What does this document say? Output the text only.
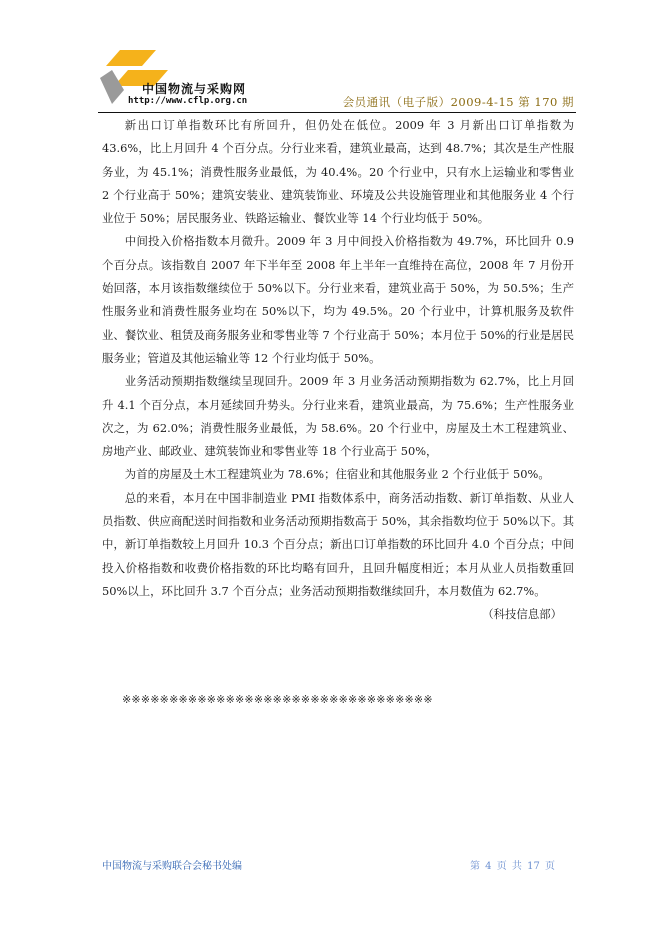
中国物流与采购网
http://www.cflp.org.cn	会员通讯（电子版）2009-4-15 第 170 期

新出口订单指数环比有所回升，但仍处在低位。2009 年 3 月新出口订单指数为 43.6%，比上月回升 4 个百分点。分行业来看，建筑业最高，达到 48.7%；其次是生产性服务业，为 45.1%；消费性服务业最低，为 40.4%。20 个行业中，只有水上运输业和零售业 2 个行业高于 50%；建筑安装业、建筑装饰业、环境及公共设施管理业和其他服务业 4 个行业位于 50%；居民服务业、铁路运输业、餐饮业等 14 个行业均低于 50%。

中间投入价格指数本月微升。2009 年 3 月中间投入价格指数为 49.7%，环比回升 0.9 个百分点。该指数自 2007 年下半年至 2008 年上半年一直维持在高位，2008 年 7 月份开始回落，本月该指数继续位于 50%以下。分行业来看，建筑业高于 50%，为 50.5%；生产性服务业和消费性服务业均在 50%以下，均为 49.5%。20 个行业中，计算机服务及软件业、餐饮业、租赁及商务服务业和零售业等 7 个行业高于 50%；本月位于 50%的行业是居民服务业；管道及其他运输业等 12 个行业均低于 50%。

业务活动预期指数继续呈现回升。2009 年 3 月业务活动预期指数为 62.7%，比上月回升 4.1 个百分点，本月延续回升势头。分行业来看，建筑业最高，为 75.6%；生产性服务业次之，为 62.0%；消费性服务业最低，为 58.6%。20 个行业中，房屋及土木工程建筑业、房地产业、邮政业、建筑装饰业和零售业等 18 个行业高于 50%，

为首的房屋及土木工程建筑业为 78.6%；住宿业和其他服务业 2 个行业低于 50%。

总的来看，本月在中国非制造业 PMI 指数体系中，商务活动指数、新订单指数、从业人员指数、供应商配送时间指数和业务活动预期指数高于 50%，其余指数均位于 50%以下。其中，新订单指数较上月回升 10.3 个百分点；新出口订单指数的环比回升 4.0 个百分点；中间投入价格指数和收费价格指数的环比均略有回升，且回升幅度相近；本月从业人员指数重回 50%以上，环比回升 3.7 个百分点；业务活动预期指数继续回升，本月数值为 62.7%。

（科技信息部）

※※※※※※※※※※※※※※※※※※※※※※※※※※※※※※※※※
中国物流与采购联合会秘书处编	第 4 页 共 17 页
